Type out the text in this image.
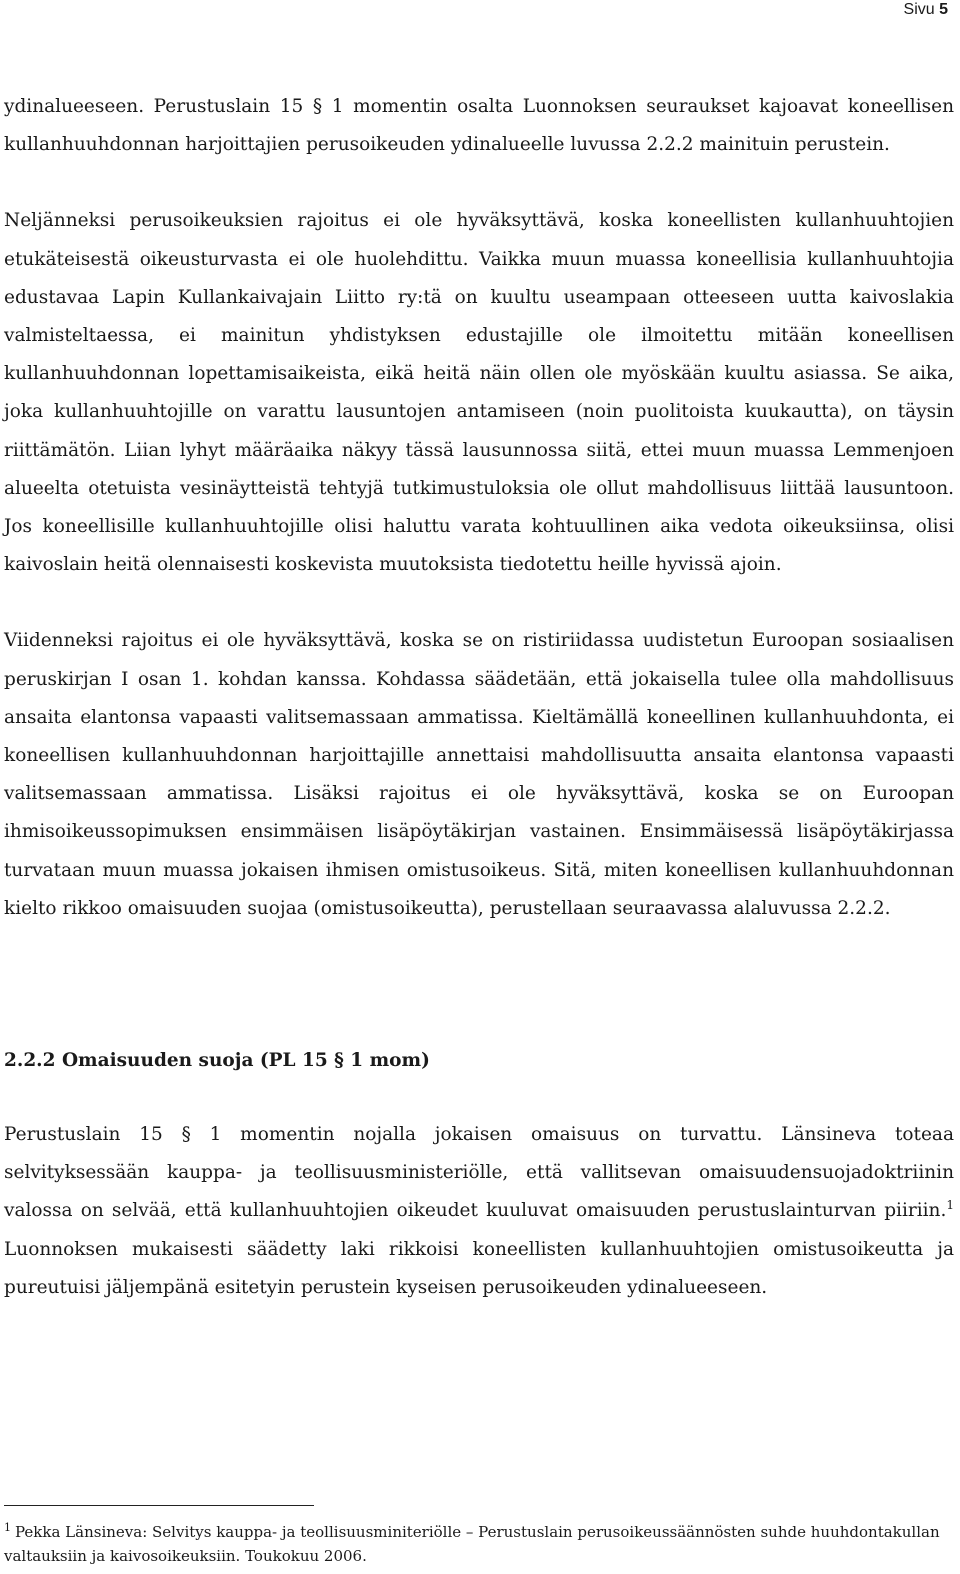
Sivu 5

ydinalueeseen. Perustuslain 15 § 1 momentin osalta Luonnoksen seuraukset kajoavat koneellisen kullanhuuhdonnan harjoittajien perusoikeuden ydinalueelle luvussa 2.2.2 mainituin perustein.

Neljänneksi perusoikeuksien rajoitus ei ole hyväksyttävä, koska koneellisten kullanhuuhtojien etukäteisestä oikeusturvasta ei ole huolehdittu. Vaikka muun muassa koneellisia kullanhuuhtojia edustavaa Lapin Kullankaivajain Liitto ry:tä on kuultu useampaan otteeseen uutta kaivoslakia valmisteltaessa, ei mainitun yhdistyksen edustajille ole ilmoitettu mitään koneellisen kullanhuuhdonnan lopettamisaikeista, eikä heitä näin ollen ole myöskään kuultu asiassa. Se aika, joka kullanhuuhtojille on varattu lausuntojen antamiseen (noin puolitoista kuukautta), on täysin riittämätön. Liian lyhyt määräaika näkyy tässä lausunnossa siitä, ettei muun muassa Lemmenjoen alueelta otetuista vesinäytteistä tehtyjä tutkimustuloksia ole ollut mahdollisuus liittää lausuntoon. Jos koneellisille kullanhuuhtojille olisi haluttu varata kohtuullinen aika vedota oikeuksiinsa, olisi kaivoslain heitä olennaisesti koskevista muutoksista tiedotettu heille hyvissä ajoin.

Viidenneksi rajoitus ei ole hyväksyttävä, koska se on ristiriidassa uudistetun Euroopan sosiaalisen peruskirjan I osan 1. kohdan kanssa. Kohdassa säädetään, että jokaisella tulee olla mahdollisuus ansaita elantonsa vapaasti valitsemassaan ammatissa. Kieltämällä koneellinen kullanhuuhdonta, ei koneellisen kullanhuuhdonnan harjoittajille annettaisi mahdollisuutta ansaita elantonsa vapaasti valitsemassaan ammatissa. Lisäksi rajoitus ei ole hyväksyttävä, koska se on Euroopan ihmisoikeussopimuksen ensimmäisen lisäpöytäkirjan vastainen. Ensimmäisessä lisäpöytäkirjassa turvataan muun muassa jokaisen ihmisen omistusoikeus. Sitä, miten koneellisen kullanhuuhdonnan kielto rikkoo omaisuuden suojaa (omistusoikeutta), perustellaan seuraavassa alaluvussa 2.2.2.

2.2.2 Omaisuuden suoja (PL 15 § 1 mom)

Perustuslain 15 § 1 momentin nojalla jokaisen omaisuus on turvattu. Länsineva toteaa selvityksessään kauppa- ja teollisuusministeriölle, että vallitsevan omaisuudensuojadoktriinin valossa on selvää, että kullanhuuhtojien oikeudet kuuluvat omaisuuden perustuslainturvan piiriin.$^1$ Luonnoksen mukaisesti säädetty laki rikkoisi koneellisten kullanhuuhtojien omistusoikeutta ja pureutuisi jäljempänä esitetyin perustein kyseisen perusoikeuden ydinalueeseen.

$^1$ Pekka Länsineva: Selvitys kauppa- ja teollisuusminiteriölle – Perustuslain perusoikeussäännösten suhde huuhdontakullan valtauksiin ja kaivosoikeuksiin. Toukokuu 2006.
